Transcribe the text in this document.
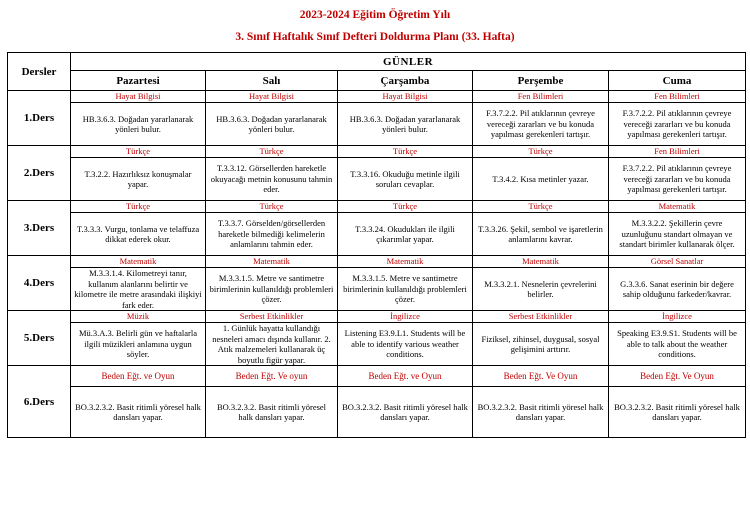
2023-2024 Eğitim Öğretim Yılı
3. Sınıf Haftalık Sınıf Defteri Doldurma Planı (33. Hafta)
Dersler	GÜNLER				
	Pazartesi	Salı	Çarşamba	Perşembe	Cuma
1.Ders	Hayat Bilgisi	Hayat Bilgisi	Hayat Bilgisi	Fen Bilimleri	Fen Bilimleri
	HB.3.6.3. Doğadan yararlanarak yönleri bulur.	HB.3.6.3. Doğadan yararlanarak yönleri bulur.	HB.3.6.3. Doğadan yararlanarak yönleri bulur.	F.3.7.2.2. Pil atıklarının çevreye vereceği zararları ve bu konuda yapılması gerekenleri tartışır.	F.3.7.2.2. Pil atıklarının çevreye vereceği zararları ve bu konuda yapılması gerekenleri tartışır.
2.Ders	Türkçe	Türkçe	Türkçe	Türkçe	Fen Bilimleri
	T.3.2.2. Hazırlıksız konuşmalar yapar.	T.3.3.12. Görsellerden hareketle okuyacağı metnin konusunu tahmin eder.	T.3.3.16. Okuduğu metinle ilgili soruları cevaplar.	T.3.4.2. Kısa metinler yazar.	F.3.7.2.2. Pil atıklarının çevreye vereceği zararları ve bu konuda yapılması gerekenleri tartışır.
3.Ders	Türkçe	Türkçe	Türkçe	Türkçe	Matematik
	T.3.3.3. Vurgu, tonlama ve telaffuza dikkat ederek okur.	T.3.3.7. Görselden/görsellerden hareketle bilmediği kelimelerin anlamlarını tahmin eder.	T.3.3.24. Okudukları ile ilgili çıkarımlar yapar.	T.3.3.26. Şekil, sembol ve işaretlerin anlamlarını kavrar.	M.3.3.2.2. Şekillerin çevre uzunluğunu standart olmayan ve standart birimler kullanarak ölçer.
4.Ders	Matematik	Matematik	Matematik	Matematik	Görsel Sanatlar
	M.3.3.1.4. Kilometreyi tanır, kullanım alanlarını belirtir ve kilometre ile metre arasındaki ilişkiyi fark eder.	M.3.3.1.5. Metre ve santimetre birimlerinin kullanıldığı problemleri çözer.	M.3.3.1.5. Metre ve santimetre birimlerinin kullanıldığı problemleri çözer.	M.3.3.2.1. Nesnelerin çevrelerini belirler.	G.3.3.6. Sanat eserinin bir değere sahip olduğunu farkeder/kavrar.
5.Ders	Müzik	Serbest Etkinlikler	İngilizce	Serbest Etkinlikler	İngilizce
	Mü.3.A.3. Belirli gün ve haftalarla ilgili müzikleri anlamına uygun söyler.	1. Günlük hayatta kullandığı nesneleri amacı dışında kullanır. 2. Atık malzemeleri kullanarak üç boyutlu figür yapar.	Listening E3.9.L1. Students will be able to identify various weather conditions.	Fiziksel, zihinsel, duygusal, sosyal gelişimini arttırır.	Speaking E3.9.S1. Students will be able to talk about the weather conditions.
6.Ders	Beden Eğt. ve Oyun	Beden Eğt. Ve oyun	Beden Eğt. ve Oyun	Beden Eğt. Ve Oyun	Beden Eğt. Ve Oyun
	BO.3.2.3.2. Basit ritimli yöresel halk dansları yapar.	BO.3.2.3.2. Basit ritimli yöresel halk dansları yapar.	BO.3.2.3.2. Basit ritimli yöresel halk dansları yapar.	BO.3.2.3.2. Basit ritimli yöresel halk dansları yapar.	BO.3.2.3.2. Basit ritimli yöresel halk dansları yapar.
